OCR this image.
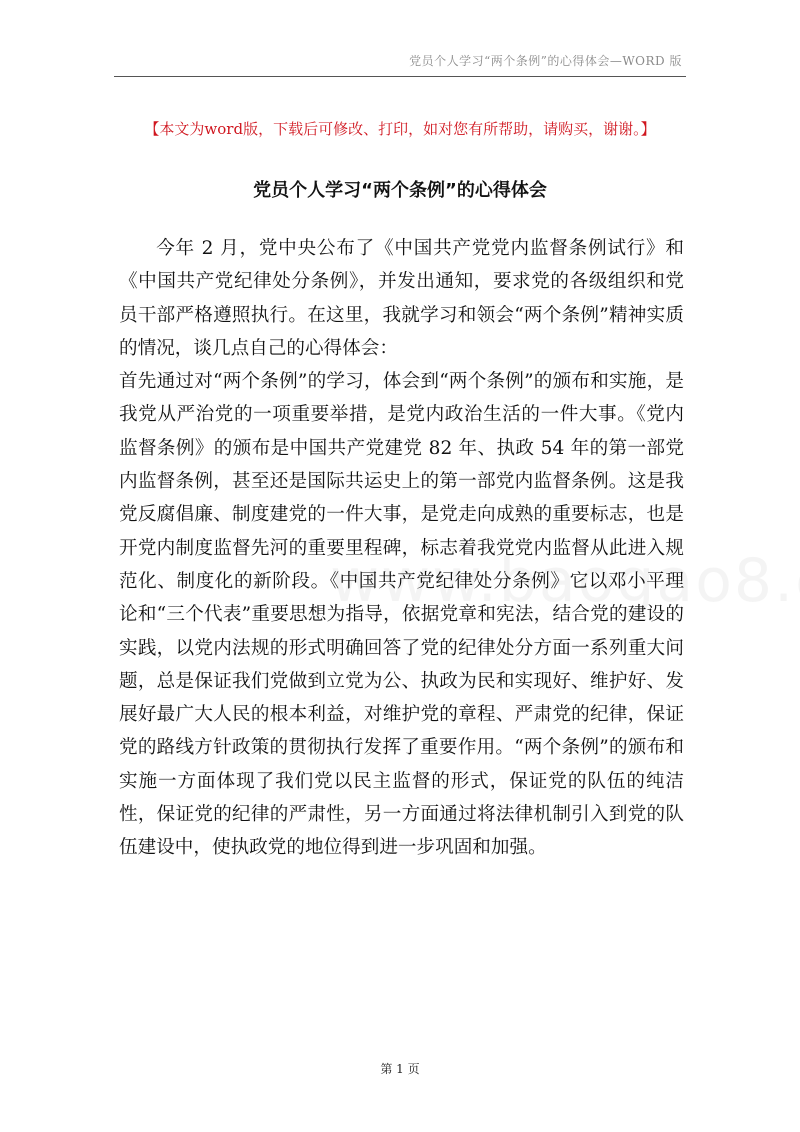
党员个人学习“两个条例”的心得体会—WORD 版
【本文为word版，下载后可修改、打印，如对您有所帮助，请购买，谢谢。】
党员个人学习“两个条例”的心得体会

今年 2 月，党中央公布了《中国共产党党内监督条例试行》和《中国共产党纪律处分条例》，并发出通知，要求党的各级组织和党员干部严格遵照执行。在这里，我就学习和领会“两个条例”精神实质的情况，谈几点自己的心得体会：

首先通过对“两个条例”的学习，体会到“两个条例”的颁布和实施，是我党从严治党的一项重要举措，是党内政治生活的一件大事。《党内监督条例》的颁布是中国共产党建党 82 年、执政 54 年的第一部党内监督条例，甚至还是国际共运史上的第一部党内监督条例。这是我党反腐倡廉、制度建党的一件大事，是党走向成熟的重要标志，也是开党内制度监督先河的重要里程碑，标志着我党党内监督从此进入规范化、制度化的新阶段。《中国共产党纪律处分条例》它以邓小平理论和“三个代表”重要思想为指导，依据党章和宪法，结合党的建设的实践，以党内法规的形式明确回答了党的纪律处分方面一系列重大问题，总是保证我们党做到立党为公、执政为民和实现好、维护好、发展好最广大人民的根本利益，对维护党的章程、严肃党的纪律，保证党的路线方针政策的贯彻执行发挥了重要作用。“两个条例”的颁布和实施一方面体现了我们党以民主监督的形式，保证党的队伍的纯洁性，保证党的纪律的严肃性，另一方面通过将法律机制引入到党的队伍建设中，使执政党的地位得到进一步巩固和加强。

第 1 页
